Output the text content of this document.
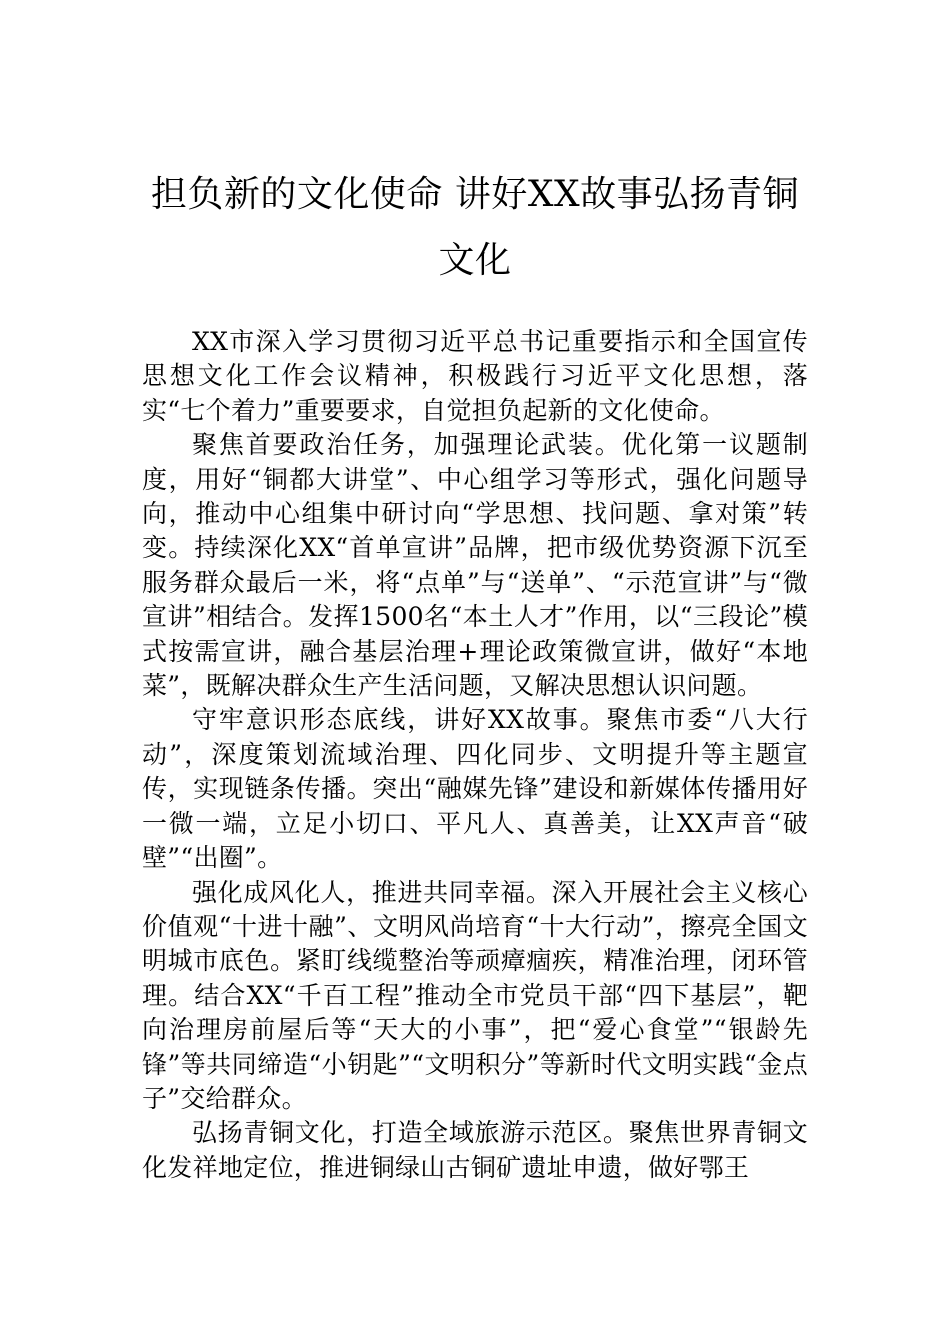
担负新的文化使命 讲好XX故事弘扬青铜文化

XX市深入学习贯彻习近平总书记重要指示和全国宣传思想文化工作会议精神，积极践行习近平文化思想，落实“七个着力”重要要求，自觉担负起新的文化使命。

聚焦首要政治任务，加强理论武装。优化第一议题制度，用好“铜都大讲堂”、中心组学习等形式，强化问题导向，推动中心组集中研讨向“学思想、找问题、拿对策”转变。持续深化XX“首单宣讲”品牌，把市级优势资源下沉至服务群众最后一米，将“点单”与“送单”、“示范宣讲”与“微宣讲”相结合。发挥1500名“本土人才”作用，以“三段论”模式按需宣讲，融合基层治理+理论政策微宣讲，做好“本地菜”，既解决群众生产生活问题，又解决思想认识问题。

守牢意识形态底线，讲好XX故事。聚焦市委“八大行动”，深度策划流域治理、四化同步、文明提升等主题宣传，实现链条传播。突出“融媒先锋”建设和新媒体传播用好一微一端，立足小切口、平凡人、真善美，让XX声音“破壁”“出圈”。

强化成风化人，推进共同幸福。深入开展社会主义核心价值观“十进十融”、文明风尚培育“十大行动”，擦亮全国文明城市底色。紧盯线缆整治等顽瘴痼疾，精准治理，闭环管理。结合XX“千百工程”推动全市党员干部“四下基层”，靶向治理房前屋后等“天大的小事”，把“爱心食堂”“银龄先锋”等共同缔造“小钥匙”“文明积分”等新时代文明实践“金点子”交给群众。

弘扬青铜文化，打造全域旅游示范区。聚焦世界青铜文化发祥地定位，推进铜绿山古铜矿遗址申遗，做好鄂王
